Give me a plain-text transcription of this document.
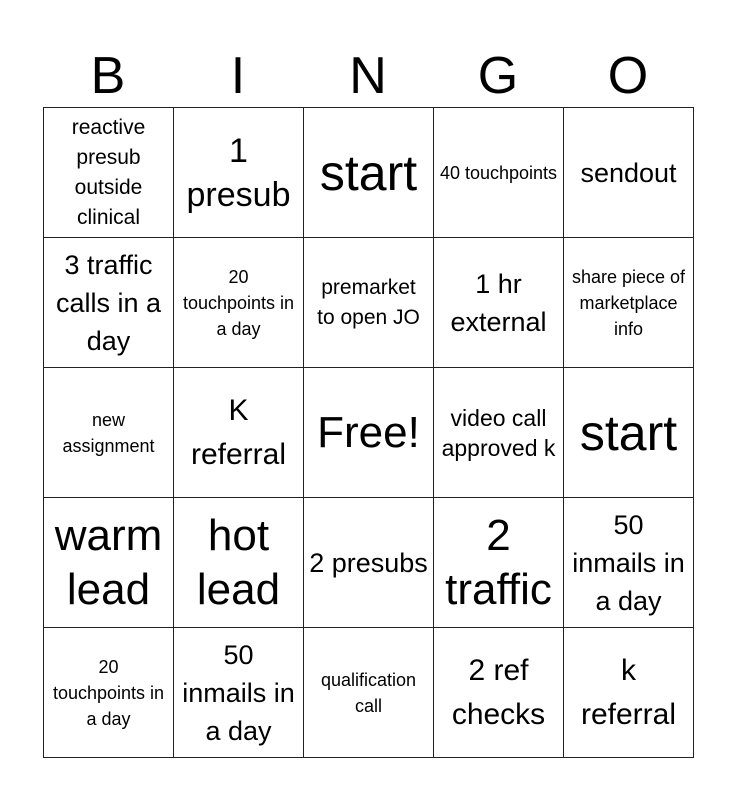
B	I	N	G	O
reactive presub outside clinical	1 presub	start	40 touchpoints	sendout
3 traffic calls in a day	20 touchpoints in a day	premarket to open JO	1 hr external	share piece of marketplace info
new assignment	K referral	Free!	video call approved k	start
warm lead	hot lead	2 presubs	2 traffic	50 inmails in a day
20 touchpoints in a day	50 inmails in a day	qualification call	2 ref checks	k referral
